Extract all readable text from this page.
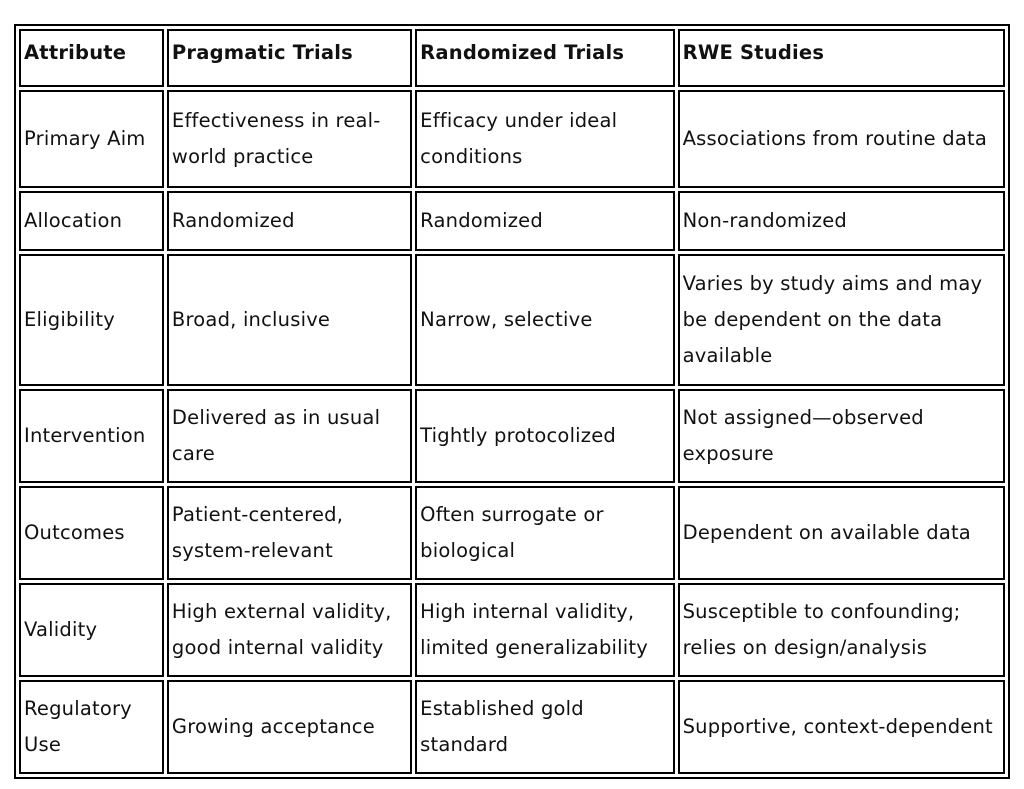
Attribute	Pragmatic Trials	Randomized Trials	RWE Studies
Primary Aim	Effectiveness in real-world practice	Efficacy under ideal conditions	Associations from routine data
Allocation	Randomized	Randomized	Non-randomized
Eligibility	Broad, inclusive	Narrow, selective	Varies by study aims and may be dependent on the data available
Intervention	Delivered as in usual care	Tightly protocolized	Not assigned—observed exposure
Outcomes	Patient-centered, system-relevant	Often surrogate or biological	Dependent on available data
Validity	High external validity, good internal validity	High internal validity, limited generalizability	Susceptible to confounding; relies on design/analysis
Regulatory Use	Growing acceptance	Established gold standard	Supportive, context-dependent
